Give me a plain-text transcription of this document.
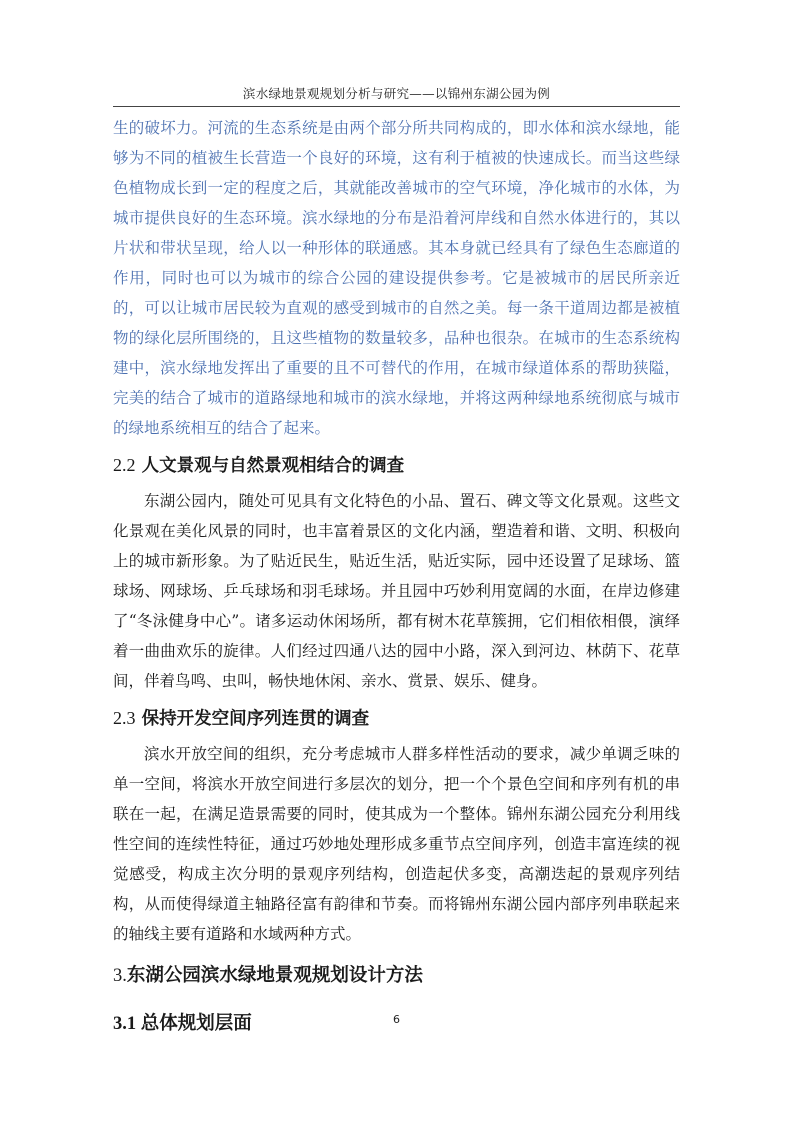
滨水绿地景观规划分析与研究——以锦州东湖公园为例

生的破坏力。河流的生态系统是由两个部分所共同构成的，即水体和滨水绿地，能够为不同的植被生长营造一个良好的环境，这有利于植被的快速成长。而当这些绿色植物成长到一定的程度之后，其就能改善城市的空气环境，净化城市的水体，为城市提供良好的生态环境。滨水绿地的分布是沿着河岸线和自然水体进行的，其以片状和带状呈现，给人以一种形体的联通感。其本身就已经具有了绿色生态廊道的作用，同时也可以为城市的综合公园的建设提供参考。它是被城市的居民所亲近的，可以让城市居民较为直观的感受到城市的自然之美。每一条干道周边都是被植物的绿化层所围绕的，且这些植物的数量较多，品种也很杂。在城市的生态系统构建中，滨水绿地发挥出了重要的且不可替代的作用，在城市绿道体系的帮助狭隘，完美的结合了城市的道路绿地和城市的滨水绿地，并将这两种绿地系统彻底与城市的绿地系统相互的结合了起来。

2.2 人文景观与自然景观相结合的调查

东湖公园内，随处可见具有文化特色的小品、置石、碑文等文化景观。这些文化景观在美化风景的同时，也丰富着景区的文化内涵，塑造着和谐、文明、积极向上的城市新形象。为了贴近民生，贴近生活，贴近实际，园中还设置了足球场、篮球场、网球场、乒乓球场和羽毛球场。并且园中巧妙利用宽阔的水面，在岸边修建了“冬泳健身中心”。诸多运动休闲场所，都有树木花草簇拥，它们相依相偎，演绎着一曲曲欢乐的旋律。人们经过四通八达的园中小路，深入到河边、林荫下、花草间，伴着鸟鸣、虫叫，畅快地休闲、亲水、赏景、娱乐、健身。

2.3 保持开发空间序列连贯的调查

滨水开放空间的组织，充分考虑城市人群多样性活动的要求，减少单调乏味的单一空间，将滨水开放空间进行多层次的划分，把一个个景色空间和序列有机的串联在一起，在满足造景需要的同时，使其成为一个整体。锦州东湖公园充分利用线性空间的连续性特征，通过巧妙地处理形成多重节点空间序列，创造丰富连续的视觉感受，构成主次分明的景观序列结构，创造起伏多变，高潮迭起的景观序列结构，从而使得绿道主轴路径富有韵律和节奏。而将锦州东湖公园内部序列串联起来的轴线主要有道路和水域两种方式。

3.东湖公园滨水绿地景观规划设计方法
3.1 总体规划层面	6
